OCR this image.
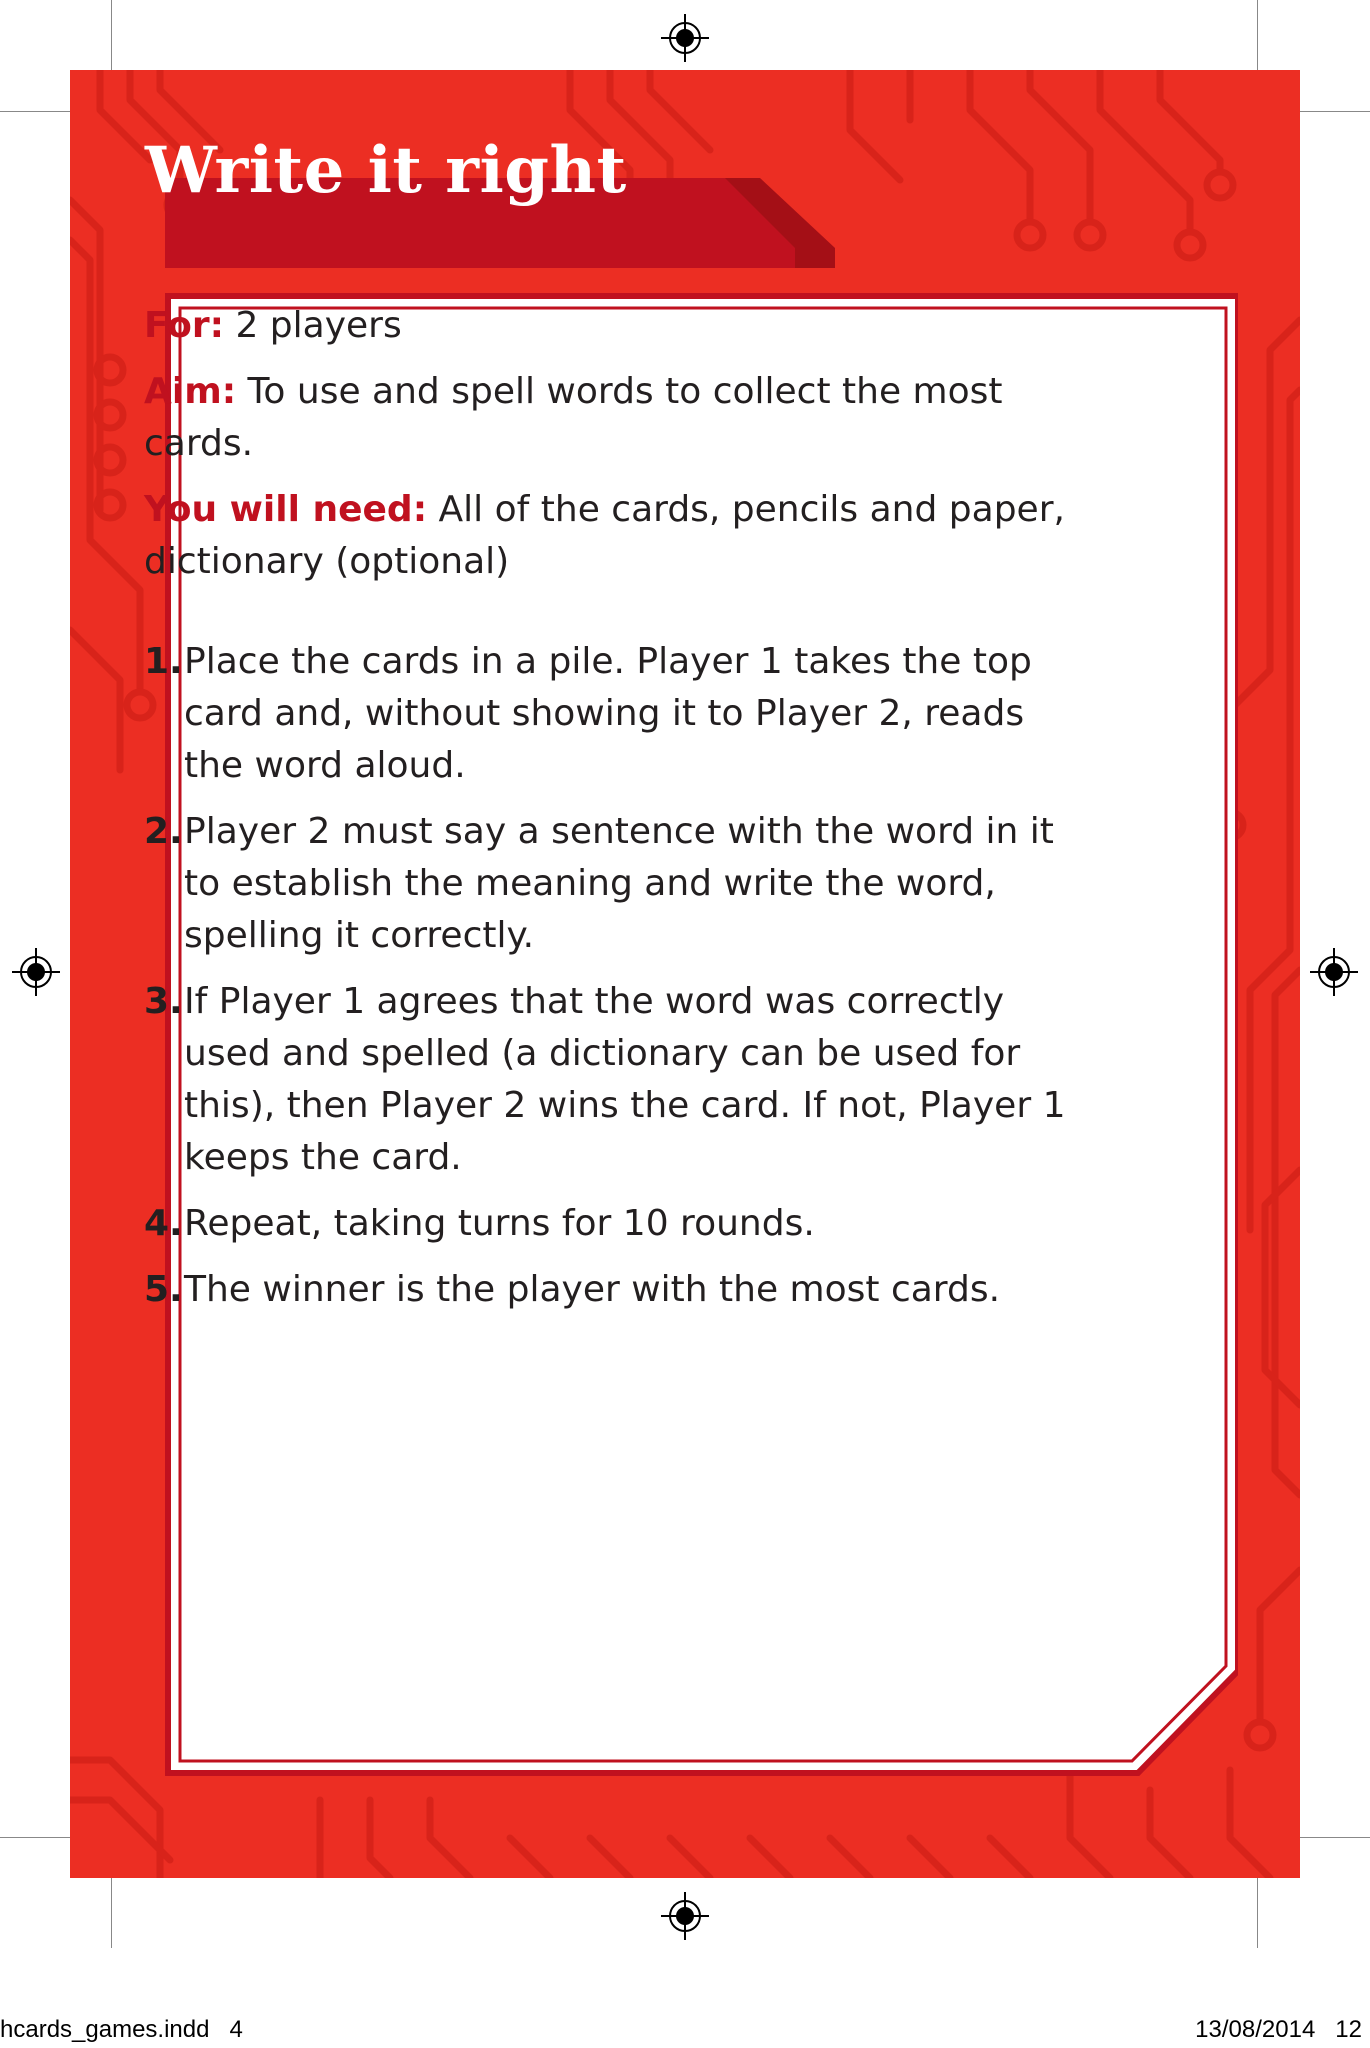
Write it right

For: 2 players

Aim: To use and spell words to collect the most cards.

You will need: All of the cards, pencils and paper, dictionary (optional)

1. Place the cards in a pile. Player 1 takes the top card and, without showing it to Player 2, reads the word aloud.
2. Player 2 must say a sentence with the word in it to establish the meaning and write the word, spelling it correctly.
3. If Player 1 agrees that the word was correctly used and spelled (a dictionary can be used for this), then Player 2 wins the card. If not, Player 1 keeps the card.
4. Repeat, taking turns for 10 rounds.
5. The winner is the player with the most cards.
hcards_games.indd   4	13/08/2014   12
